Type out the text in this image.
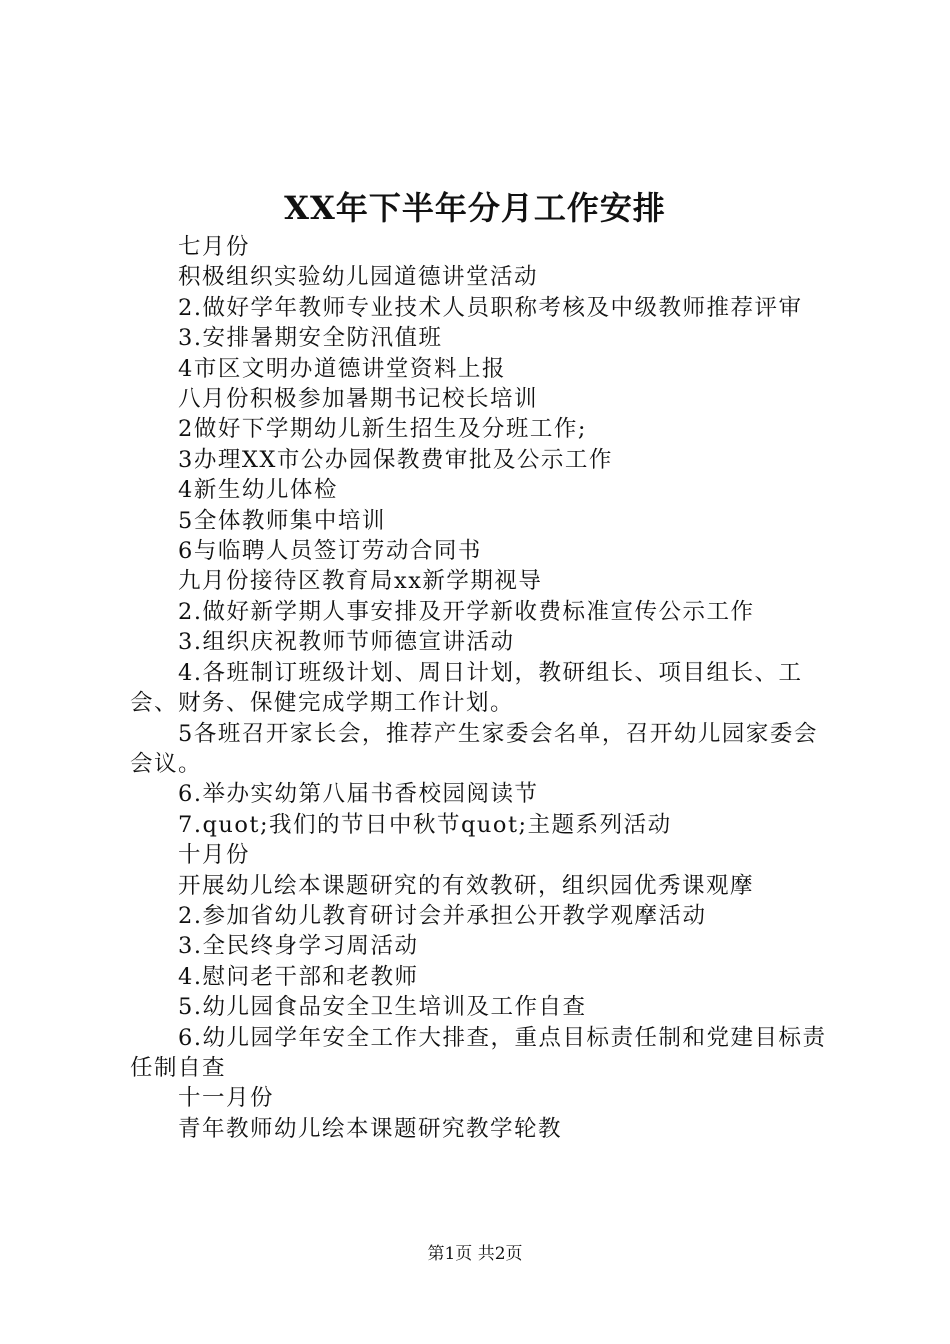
XX年下半年分月工作安排

七月份

积极组织实验幼儿园道德讲堂活动

2.做好学年教师专业技术人员职称考核及中级教师推荐评审

3.安排暑期安全防汛值班

4市区文明办道德讲堂资料上报

八月份积极参加暑期书记校长培训

2做好下学期幼儿新生招生及分班工作;

3办理XX市公办园保教费审批及公示工作

4新生幼儿体检

5全体教师集中培训

6与临聘人员签订劳动合同书

九月份接待区教育局xx新学期视导

2.做好新学期人事安排及开学新收费标准宣传公示工作

3.组织庆祝教师节师德宣讲活动

4.各班制订班级计划、周日计划，教研组长、项目组长、工会、财务、保健完成学期工作计划。

5各班召开家长会，推荐产生家委会名单，召开幼儿园家委会会议。

6.举办实幼第八届书香校园阅读节

7.quot;我们的节日中秋节quot;主题系列活动

十月份

开展幼儿绘本课题研究的有效教研，组织园优秀课观摩

2.参加省幼儿教育研讨会并承担公开教学观摩活动

3.全民终身学习周活动

4.慰问老干部和老教师

5.幼儿园食品安全卫生培训及工作自查

6.幼儿园学年安全工作大排查，重点目标责任制和党建目标责任制自查

十一月份

青年教师幼儿绘本课题研究教学轮教

第1页 共2页
